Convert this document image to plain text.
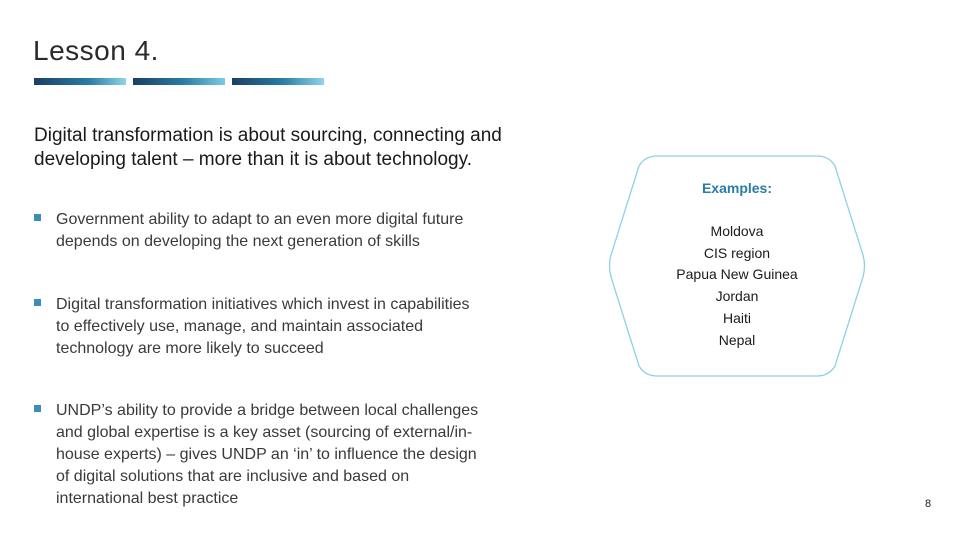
Lesson 4.
Digital transformation is about sourcing, connecting and
developing talent – more than it is about technology.
Government ability to adapt to an even more digital future
depends on developing the next generation of skills
Digital transformation initiatives which invest in capabilities
to effectively use, manage, and maintain associated
technology are more likely to succeed
UNDP’s ability to provide a bridge between local challenges
and global expertise is a key asset (sourcing of external/in-
house experts) – gives UNDP an ‘in’ to influence the design
of digital solutions that are inclusive and based on
international best practice
Examples:
Moldova
CIS region
Papua New Guinea
Jordan
Haiti
Nepal
8
